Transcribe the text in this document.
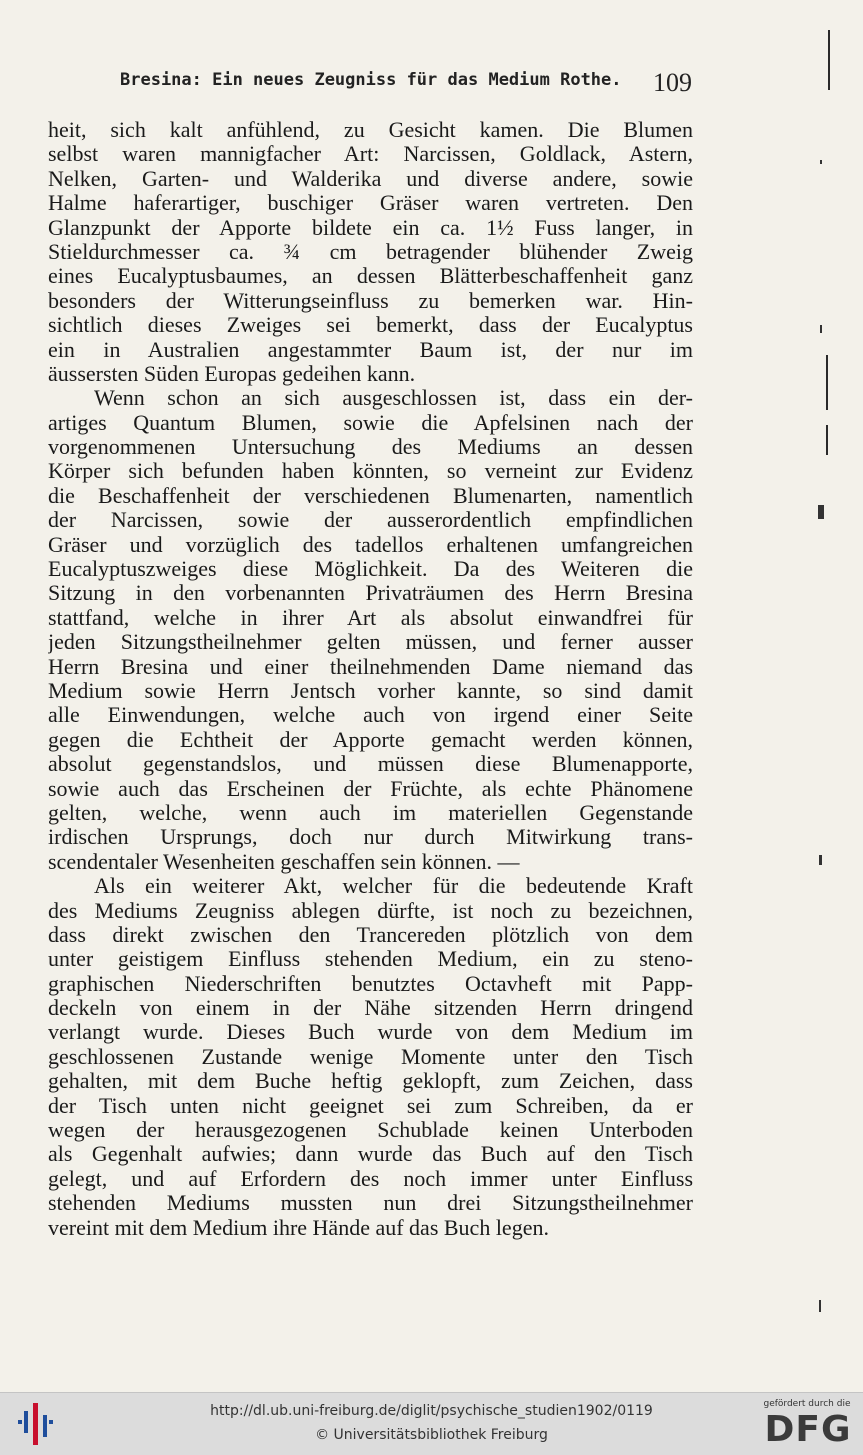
Bresina: Ein neues Zeugniss für das Medium Rothe. 109
heit, sich kalt anfühlend, zu Gesicht kamen. Die Blumen
selbst waren mannigfacher Art: Narcissen, Goldlack, Astern,
Nelken, Garten- und Walderika und diverse andere, sowie
Halme haferartiger, buschiger Gräser waren vertreten. Den
Glanzpunkt der Apporte bildete ein ca. 1½ Fuss langer, in
Stieldurchmesser ca. ¾ cm betragender blühender Zweig
eines Eucalyptusbaumes, an dessen Blätterbeschaffenheit ganz
besonders der Witterungseinfluss zu bemerken war. Hin-
sichtlich dieses Zweiges sei bemerkt, dass der Eucalyptus
ein in Australien angestammter Baum ist, der nur im
äussersten Süden Europas gedeihen kann.
Wenn schon an sich ausgeschlossen ist, dass ein der-
artiges Quantum Blumen, sowie die Apfelsinen nach der
vorgenommenen Untersuchung des Mediums an dessen
Körper sich befunden haben könnten, so verneint zur Evidenz
die Beschaffenheit der verschiedenen Blumenarten, namentlich
der Narcissen, sowie der ausserordentlich empfindlichen
Gräser und vorzüglich des tadellos erhaltenen umfangreichen
Eucalyptuszweiges diese Möglichkeit. Da des Weiteren die
Sitzung in den vorbenannten Privaträumen des Herrn Bresina
stattfand, welche in ihrer Art als absolut einwandfrei für
jeden Sitzungstheilnehmer gelten müssen, und ferner ausser
Herrn Bresina und einer theilnehmenden Dame niemand das
Medium sowie Herrn Jentsch vorher kannte, so sind damit
alle Einwendungen, welche auch von irgend einer Seite
gegen die Echtheit der Apporte gemacht werden können,
absolut gegenstandslos, und müssen diese Blumenapporte,
sowie auch das Erscheinen der Früchte, als echte Phänomene
gelten, welche, wenn auch im materiellen Gegenstande
irdischen Ursprungs, doch nur durch Mitwirkung trans-
scendentaler Wesenheiten geschaffen sein können. —
Als ein weiterer Akt, welcher für die bedeutende Kraft
des Mediums Zeugniss ablegen dürfte, ist noch zu bezeichnen,
dass direkt zwischen den Trancereden plötzlich von dem
unter geistigem Einfluss stehenden Medium, ein zu steno-
graphischen Niederschriften benutztes Octavheft mit Papp-
deckeln von einem in der Nähe sitzenden Herrn dringend
verlangt wurde. Dieses Buch wurde von dem Medium im
geschlossenen Zustande wenige Momente unter den Tisch
gehalten, mit dem Buche heftig geklopft, zum Zeichen, dass
der Tisch unten nicht geeignet sei zum Schreiben, da er
wegen der herausgezogenen Schublade keinen Unterboden
als Gegenhalt aufwies; dann wurde das Buch auf den Tisch
gelegt, und auf Erfordern des noch immer unter Einfluss
stehenden Mediums mussten nun drei Sitzungstheilnehmer
vereint mit dem Medium ihre Hände auf das Buch legen.
http://dl.ub.uni-freiburg.de/diglit/psychische_studien1902/0119
© Universitätsbibliothek Freiburg
gefördert durch die
DFG
